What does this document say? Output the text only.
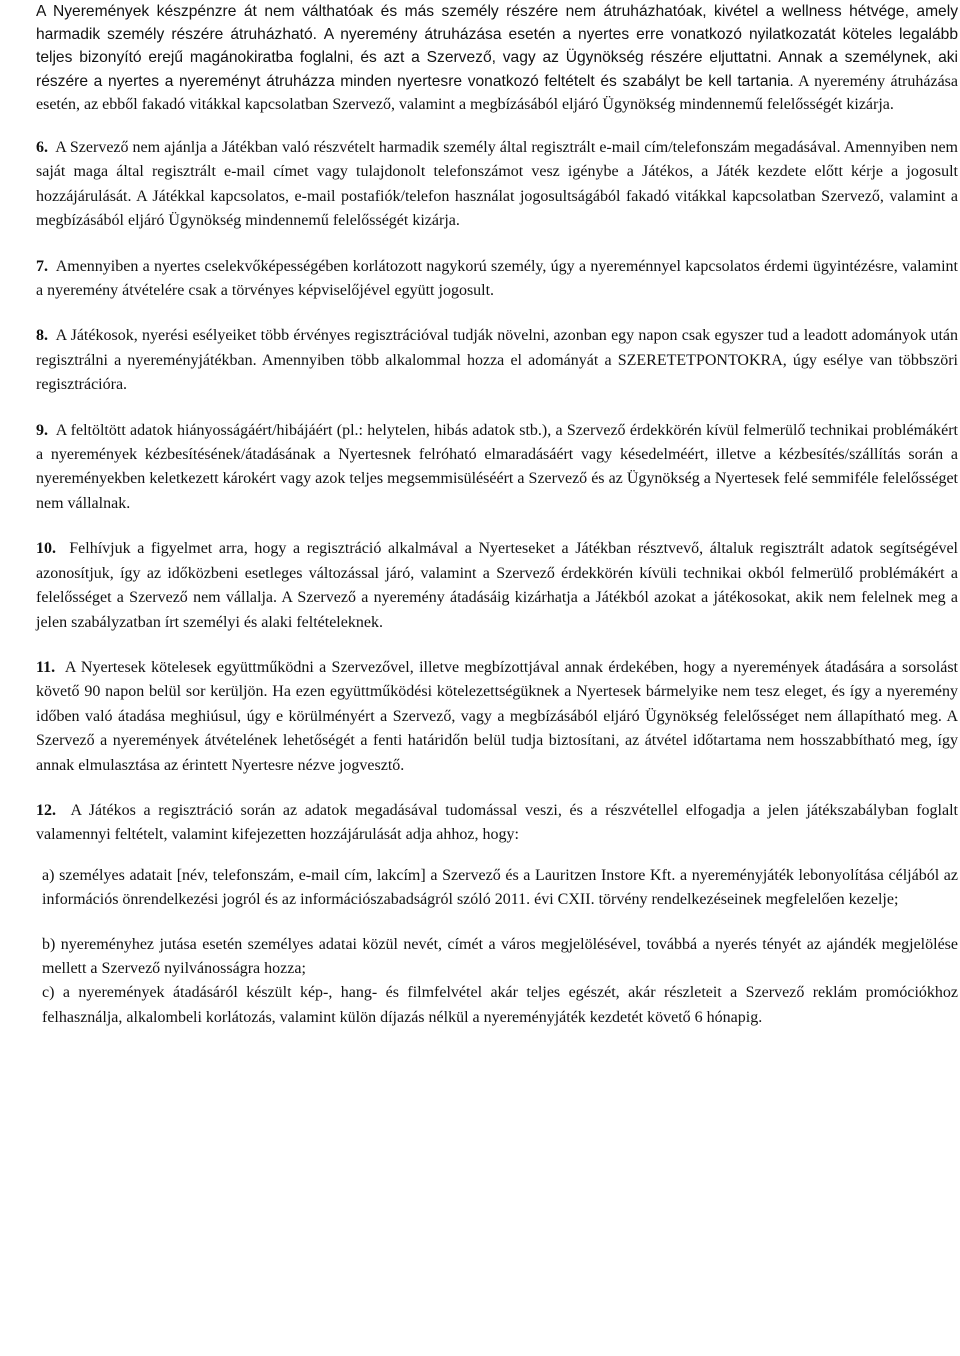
A Nyeremények készpénzre át nem válthatóak és más személy részére nem átruházhatóak, kivétel a wellness hétvége, amely harmadik személy részére átruházható. A nyeremény átruházása esetén a nyertes erre vonatkozó nyilatkozatát köteles legalább teljes bizonyító erejű magánokiratba foglalni, és azt a Szervező, vagy az Ügynökség részére eljuttatni. Annak a személynek, aki részére a nyertes a nyereményt átruházza minden nyertesre vonatkozó feltételt és szabályt be kell tartania. A nyeremény átruházása esetén, az ebből fakadó vitákkal kapcsolatban Szervező, valamint a megbízásából eljáró Ügynökség mindennemű felelősségét kizárja.

6. A Szervező nem ajánlja a Játékban való részvételt harmadik személy által regisztrált e-mail cím/telefonszám megadásával. Amennyiben nem saját maga által regisztrált e-mail címet vagy tulajdonolt telefonszámot vesz igénybe a Játékos, a Játék kezdete előtt kérje a jogosult hozzájárulását. A Játékkal kapcsolatos, e-mail postafiók/telefon használat jogosultságából fakadó vitákkal kapcsolatban Szervező, valamint a megbízásából eljáró Ügynökség mindennemű felelősségét kizárja.

7. Amennyiben a nyertes cselekvőképességében korlátozott nagykorú személy, úgy a nyereménnyel kapcsolatos érdemi ügyintézésre, valamint a nyeremény átvételére csak a törvényes képviselőjével együtt jogosult.

8. A Játékosok, nyerési esélyeiket több érvényes regisztrációval tudják növelni, azonban egy napon csak egyszer tud a leadott adományok után regisztrálni a nyereményjátékban. Amennyiben több alkalommal hozza el adományát a SZERETETPONTOKRA, úgy esélye van többszöri regisztrációra.

9. A feltöltött adatok hiányosságáért/hibájáért (pl.: helytelen, hibás adatok stb.), a Szervező érdekkörén kívül felmerülő technikai problémákért a nyeremények kézbesítésének/átadásának a Nyertesnek felróható elmaradásáért vagy késedelméért, illetve a kézbesítés/szállítás során a nyereményekben keletkezett károkért vagy azok teljes megsemmisüléséért a Szervező és az Ügynökség a Nyertesek felé semmiféle felelősséget nem vállalnak.

10. Felhívjuk a figyelmet arra, hogy a regisztráció alkalmával a Nyerteseket a Játékban résztvevő, általuk regisztrált adatok segítségével azonosítjuk, így az időközbeni esetleges változással járó, valamint a Szervező érdekkörén kívüli technikai okból felmerülő problémákért a felelősséget a Szervező nem vállalja. A Szervező a nyeremény átadásáig kizárhatja a Játékból azokat a játékosokat, akik nem felelnek meg a jelen szabályzatban írt személyi és alaki feltételeknek.

11. A Nyertesek kötelesek együttműködni a Szervezővel, illetve megbízottjával annak érdekében, hogy a nyeremények átadására a sorsolást követő 90 napon belül sor kerüljön. Ha ezen együttműködési kötelezettségüknek a Nyertesek bármelyike nem tesz eleget, és így a nyeremény időben való átadása meghiúsul, úgy e körülményért a Szervező, vagy a megbízásából eljáró Ügynökség felelősséget nem állapítható meg. A Szervező a nyeremények átvételének lehetőségét a fenti határidőn belül tudja biztosítani, az átvétel időtartama nem hosszabbítható meg, így annak elmulasztása az érintett Nyertesre nézve jogvesztő.

12. A Játékos a regisztráció során az adatok megadásával tudomással veszi, és a részvétellel elfogadja a jelen játékszabályban foglalt valamennyi feltételt, valamint kifejezetten hozzájárulását adja ahhoz, hogy:

a) személyes adatait [név, telefonszám, e-mail cím, lakcím] a Szervező és a Lauritzen Instore Kft. a nyereményjáték lebonyolítása céljából az információs önrendelkezési jogról és az információszabadságról szóló 2011. évi CXII. törvény rendelkezéseinek megfelelően kezelje;

b) nyereményhez jutása esetén személyes adatai közül nevét, címét a város megjelölésével, továbbá a nyerés tényét az ajándék megjelölése mellett a Szervező nyilvánosságra hozza;

c) a nyeremények átadásáról készült kép-, hang- és filmfelvétel akár teljes egészét, akár részleteit a Szervező reklám promóciókhoz felhasználja, alkalombeli korlátozás, valamint külön díjazás nélkül a nyereményjáték kezdetét követő 6 hónapig.
